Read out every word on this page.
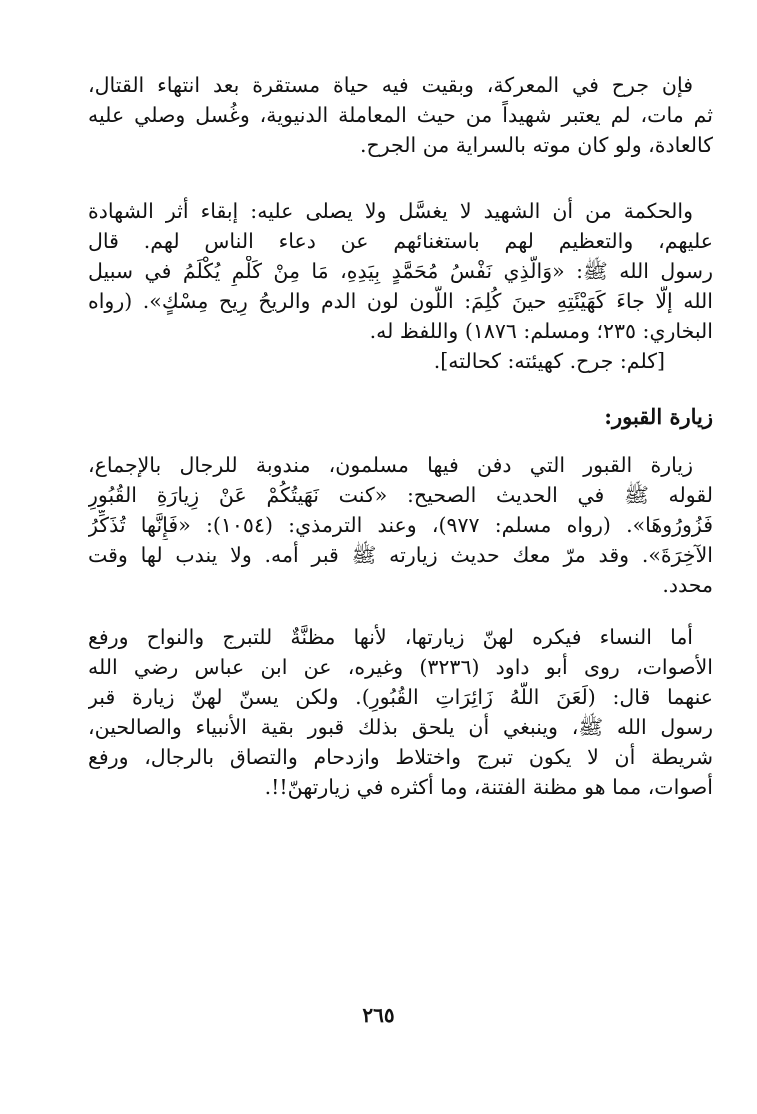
فإن جرح في المعركة، وبقيت فيه حياة مستقرة بعد انتهاء القتال،
ثم مات، لم يعتبر شهيداً من حيث المعاملة الدنيوية، وغُسل وصلي عليه
كالعادة، ولو كان موته بالسراية من الجرح.
والحكمة من أن الشهيد لا يغسَّل ولا يصلى عليه: إبقاء أثر الشهادة
عليهم، والتعظيم لهم باستغنائهم عن دعاء الناس لهم. قال
رسول الله ﷺ: «وَالَّذِي نَفْسُ مُحَمَّدٍ بِيَدِهِ، مَا مِنْ كَلْمٍ يُكْلَمُ في سبيل
الله إلّا جاءَ كَهَيْئَتِهِ حينَ كُلِمَ: اللَّون لون الدم والريحُ رِيح مِسْكٍ». (رواه
البخاري: ٢٣٥؛ ومسلم: ١٨٧٦) واللفظ له.
[كلم: جرح. كهيئته: كحالته].
زيارة القبور:
زيارة القبور التي دفن فيها مسلمون، مندوبة للرجال بالإجماع،
لقوله ﷺ في الحديث الصحيح: «كنت نَهَيتُكُمْ عَنْ زِيارَةِ القُبُورِ
فَزُورُوهَا». (رواه مسلم: ٩٧٧)، وعند الترمذي: (١٠٥٤): «فَإِنَّها تُذَكِّرُ
الآخِرَةَ». وقد مرّ معك حديث زيارته ﷺ قبر أمه. ولا يندب لها وقت
محدد.
أما النساء فيكره لهنّ زيارتها، لأنها مظنَّةٌ للتبرج والنواح ورفع
الأصوات، روى أبو داود (٣٢٣٦) وغيره، عن ابن عباس رضي الله
عنهما قال: (لَعَنَ اللَّهُ زَائِرَاتِ القُبُورِ). ولكن يسنّ لهنّ زيارة قبر
رسول الله ﷺ، وينبغي أن يلحق بذلك قبور بقية الأنبياء والصالحين،
شريطة أن لا يكون تبرج واختلاط وازدحام والتصاق بالرجال، ورفع
أصوات، مما هو مظنة الفتنة، وما أكثره في زيارتهنّ!!.
٢٦٥
